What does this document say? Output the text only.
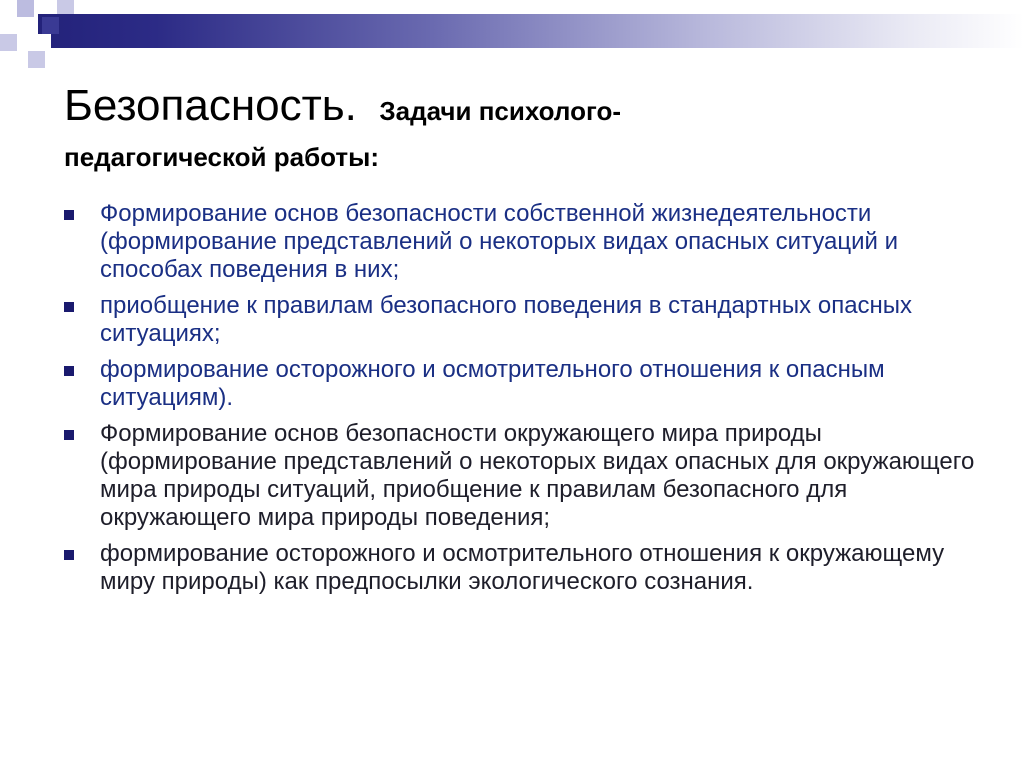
Безопасность. Задачи психолого-
педагогической работы:
Формирование основ безопасности собственной жизнедеятельности (формирование представлений о некоторых видах опасных ситуаций и способах поведения в них;
приобщение к правилам безопасного поведения в стандартных опасных ситуациях;
формирование осторожного и осмотрительного отношения к опасным ситуациям).
Формирование основ безопасности окружающего мира природы (формирование представлений о некоторых видах опасных для окружающего мира природы ситуаций, приобщение к правилам безопасного для окружающего мира природы поведения;
формирование осторожного и осмотрительного отношения к окружающему миру природы) как предпосылки экологического сознания.
